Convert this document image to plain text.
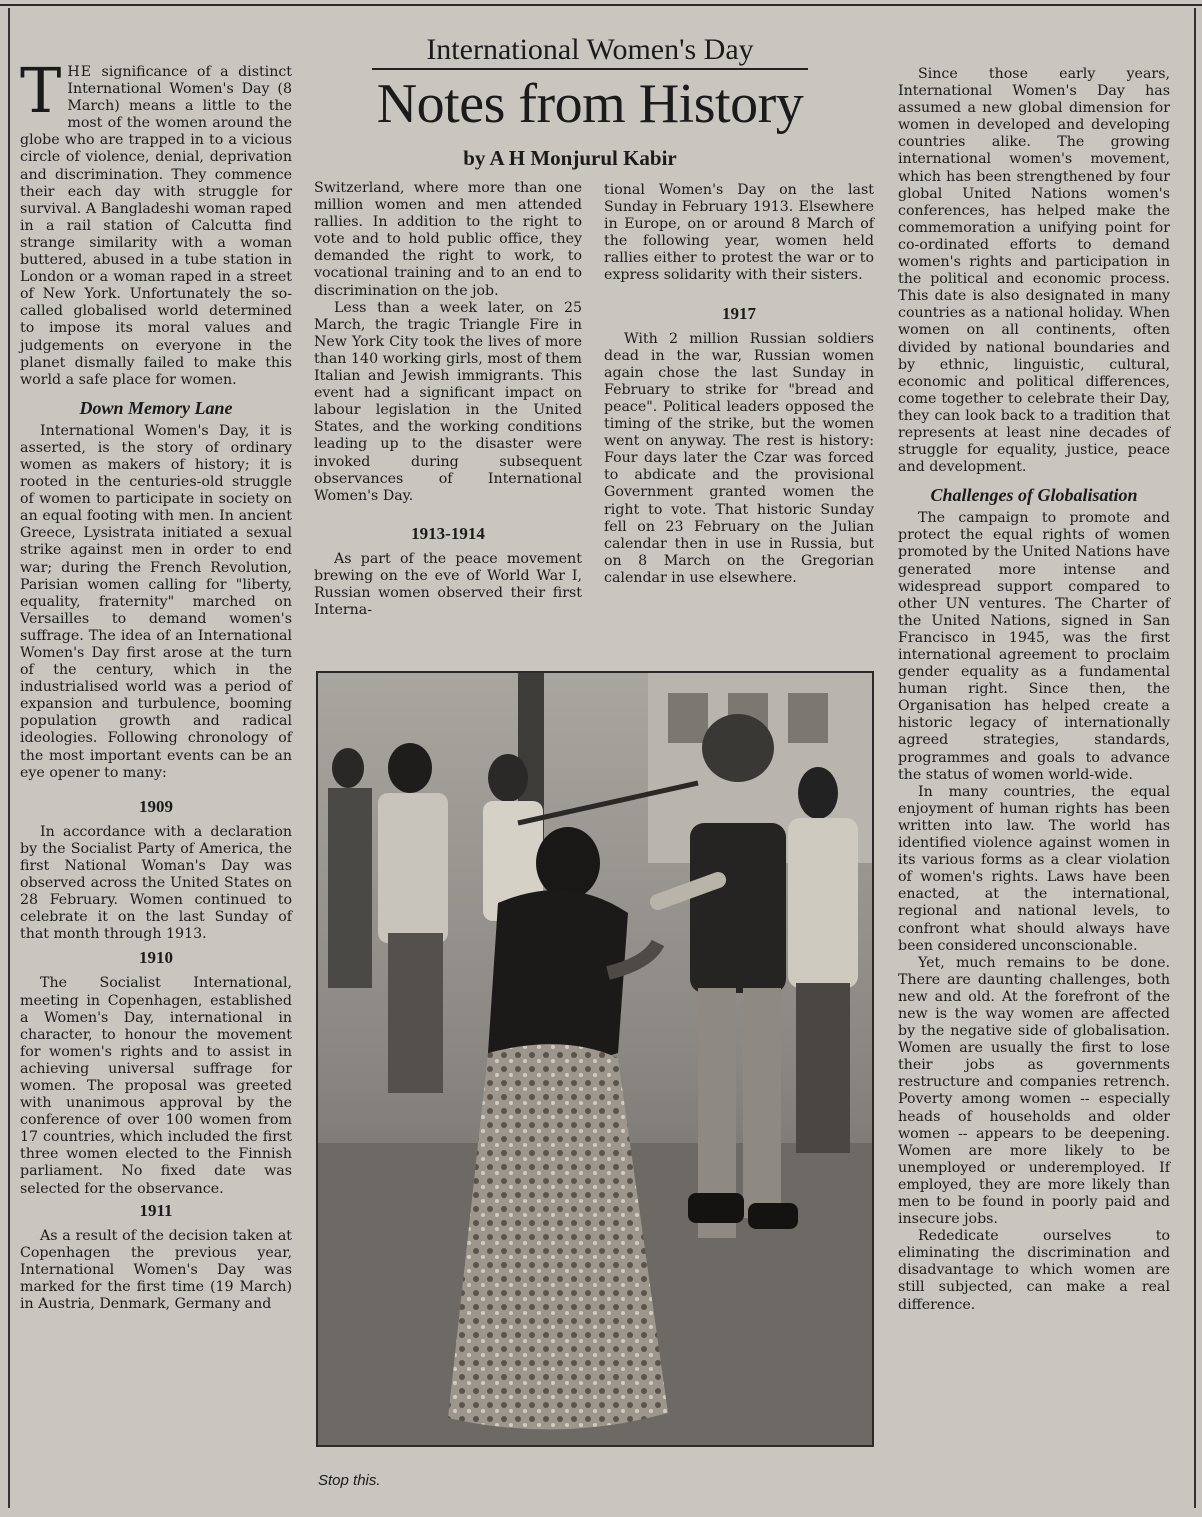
International Women's Day
Notes from History
by A H Monjurul Kabir

THE significance of a distinct International Women's Day (8 March) means a little to the most of the women around the globe who are trapped in to a vicious circle of violence, denial, deprivation and discrimination. They commence their each day with struggle for survival. A Bangladeshi woman raped in a rail station of Calcutta find strange similarity with a woman buttered, abused in a tube station in London or a woman raped in a street of New York. Unfortunately the so-called globalised world determined to impose its moral values and judgements on everyone in the planet dismally failed to make this world a safe place for women.

Down Memory Lane

International Women's Day, it is asserted, is the story of ordinary women as makers of history; it is rooted in the centuries-old struggle of women to participate in society on an equal footing with men. In ancient Greece, Lysistrata initiated a sexual strike against men in order to end war; during the French Revolution, Parisian women calling for "liberty, equality, fraternity" marched on Versailles to demand women's suffrage. The idea of an International Women's Day first arose at the turn of the century, which in the industrialised world was a period of expansion and turbulence, booming population growth and radical ideologies. Following chronology of the most important events can be an eye opener to many:

1909

In accordance with a declaration by the Socialist Party of America, the first National Woman's Day was observed across the United States on 28 February. Women continued to celebrate it on the last Sunday of that month through 1913.

1910

The Socialist International, meeting in Copenhagen, established a Women's Day, international in character, to honour the movement for women's rights and to assist in achieving universal suffrage for women. The proposal was greeted with unanimous approval by the conference of over 100 women from 17 countries, which included the first three women elected to the Finnish parliament. No fixed date was selected for the observance.

1911

As a result of the decision taken at Copenhagen the previous year, International Women's Day was marked for the first time (19 March) in Austria, Denmark, Germany and

Switzerland, where more than one million women and men attended rallies. In addition to the right to vote and to hold public office, they demanded the right to work, to vocational training and to an end to discrimination on the job.

Less than a week later, on 25 March, the tragic Triangle Fire in New York City took the lives of more than 140 working girls, most of them Italian and Jewish immigrants. This event had a significant impact on labour legislation in the United States, and the working conditions leading up to the disaster were invoked during subsequent observances of International Women's Day.

1913-1914

As part of the peace movement brewing on the eve of World War I, Russian women observed their first Interna-

tional Women's Day on the last Sunday in February 1913. Elsewhere in Europe, on or around 8 March of the following year, women held rallies either to protest the war or to express solidarity with their sisters.

1917

With 2 million Russian soldiers dead in the war, Russian women again chose the last Sunday in February to strike for "bread and peace". Political leaders opposed the timing of the strike, but the women went on anyway. The rest is history: Four days later the Czar was forced to abdicate and the provisional Government granted women the right to vote. That historic Sunday fell on 23 February on the Julian calendar then in use in Russia, but on 8 March on the Gregorian calendar in use elsewhere.

Since those early years, International Women's Day has assumed a new global dimension for women in developed and developing countries alike. The growing international women's movement, which has been strengthened by four global United Nations women's conferences, has helped make the commemoration a unifying point for co-ordinated efforts to demand women's rights and participation in the political and economic process. This date is also designated in many countries as a national holiday. When women on all continents, often divided by national boundaries and by ethnic, linguistic, cultural, economic and political differences, come together to celebrate their Day, they can look back to a tradition that represents at least nine decades of struggle for equality, justice, peace and development.

Challenges of Globalisation

The campaign to promote and protect the equal rights of women promoted by the United Nations have generated more intense and widespread support compared to other UN ventures. The Charter of the United Nations, signed in San Francisco in 1945, was the first international agreement to proclaim gender equality as a fundamental human right. Since then, the Organisation has helped create a historic legacy of internationally agreed strategies, standards, programmes and goals to advance the status of women world-wide.

In many countries, the equal enjoyment of human rights has been written into law. The world has identified violence against women in its various forms as a clear violation of women's rights. Laws have been enacted, at the international, regional and national levels, to confront what should always have been considered unconscionable.

Yet, much remains to be done. There are daunting challenges, both new and old. At the forefront of the new is the way women are affected by the negative side of globalisation. Women are usually the first to lose their jobs as governments restructure and companies retrench. Poverty among women -- especially heads of households and older women -- appears to be deepening. Women are more likely to be unemployed or underemployed. If employed, they are more likely than men to be found in poorly paid and insecure jobs.

Rededicate ourselves to eliminating the discrimination and disadvantage to which women are still subjected, can make a real difference.

Stop this.
